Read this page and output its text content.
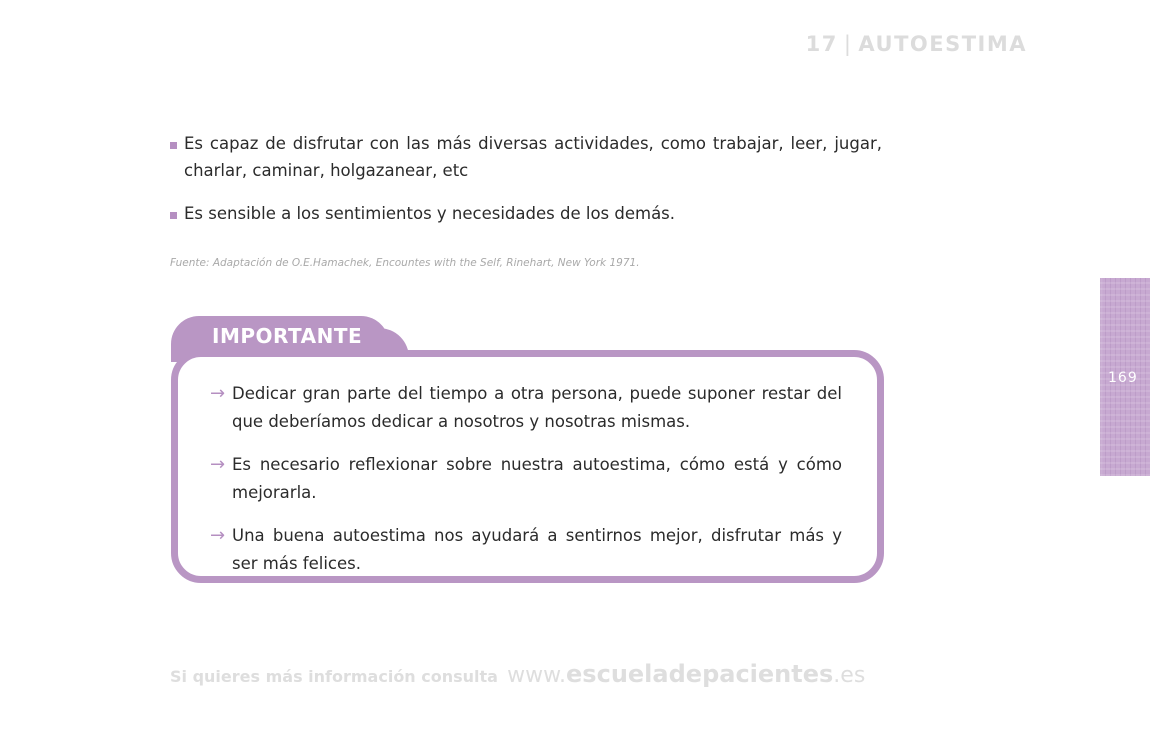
17 | AUTOESTIMA
Es capaz de disfrutar con las más diversas actividades, como trabajar, leer, jugar, charlar, caminar, holgazanear, etc
Es sensible a los sentimientos y necesidades de los demás.
Fuente: Adaptación de O.E.Hamachek, Encountes with the Self, Rinehart, New York 1971.
IMPORTANTE
→ Dedicar gran parte del tiempo a otra persona, puede suponer restar del que deberíamos dedicar a nosotros y nosotras mismas.
→ Es necesario reflexionar sobre nuestra autoestima, cómo está y cómo mejorarla.
→ Una buena autoestima nos ayudará a sentirnos mejor, disfrutar más y ser más felices.
169
Si quieres más información consulta www.escueladepacientes.es
